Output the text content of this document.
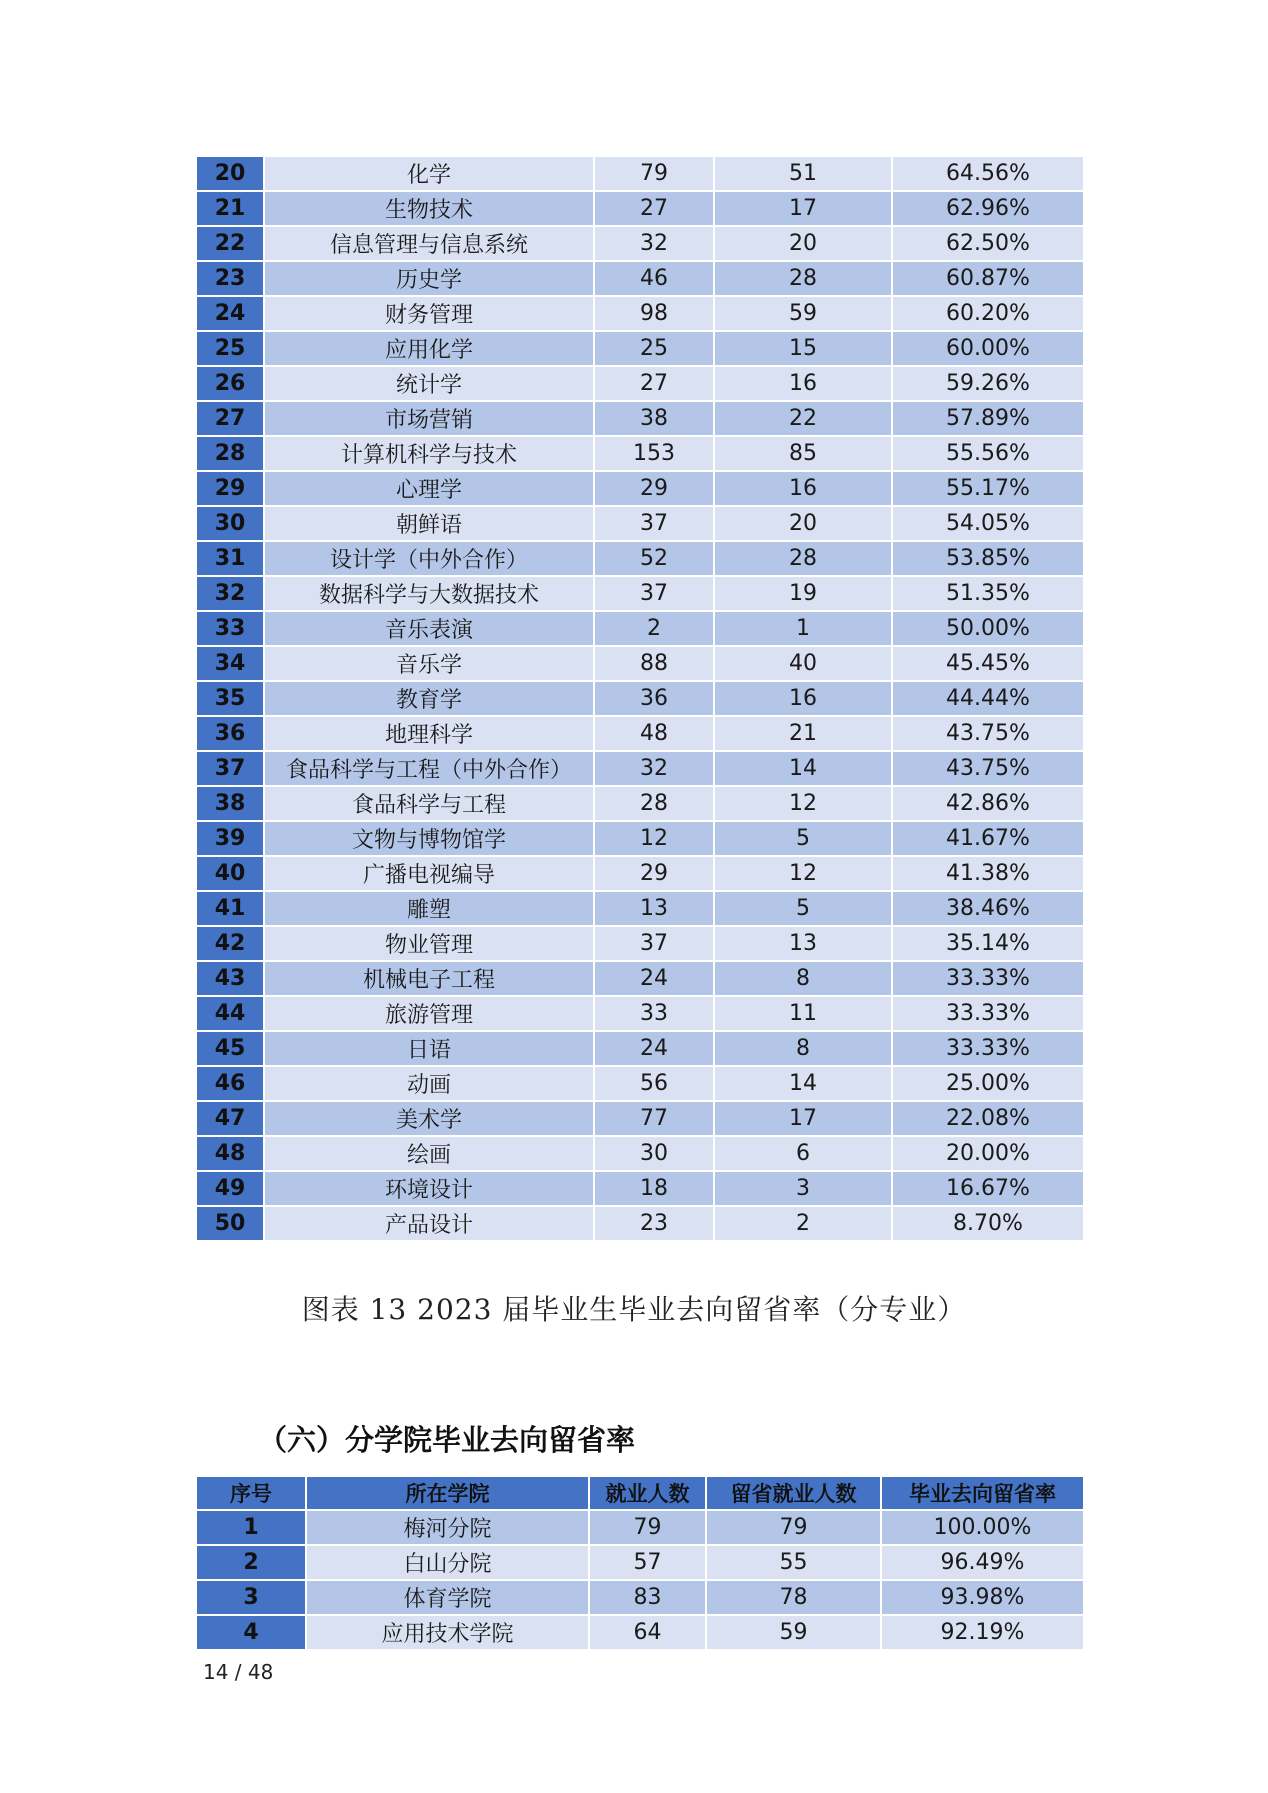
20	化学	79	51	64.56%
21	生物技术	27	17	62.96%
22	信息管理与信息系统	32	20	62.50%
23	历史学	46	28	60.87%
24	财务管理	98	59	60.20%
25	应用化学	25	15	60.00%
26	统计学	27	16	59.26%
27	市场营销	38	22	57.89%
28	计算机科学与技术	153	85	55.56%
29	心理学	29	16	55.17%
30	朝鲜语	37	20	54.05%
31	设计学（中外合作）	52	28	53.85%
32	数据科学与大数据技术	37	19	51.35%
33	音乐表演	2	1	50.00%
34	音乐学	88	40	45.45%
35	教育学	36	16	44.44%
36	地理科学	48	21	43.75%
37	食品科学与工程（中外合作）	32	14	43.75%
38	食品科学与工程	28	12	42.86%
39	文物与博物馆学	12	5	41.67%
40	广播电视编导	29	12	41.38%
41	雕塑	13	5	38.46%
42	物业管理	37	13	35.14%
43	机械电子工程	24	8	33.33%
44	旅游管理	33	11	33.33%
45	日语	24	8	33.33%
46	动画	56	14	25.00%
47	美术学	77	17	22.08%
48	绘画	30	6	20.00%
49	环境设计	18	3	16.67%
50	产品设计	23	2	8.70%
图表 13 2023 届毕业生毕业去向留省率（分专业）
（六）分学院毕业去向留省率
序号	所在学院	就业人数	留省就业人数	毕业去向留省率
1	梅河分院	79	79	100.00%
2	白山分院	57	55	96.49%
3	体育学院	83	78	93.98%
4	应用技术学院	64	59	92.19%
14 / 48
